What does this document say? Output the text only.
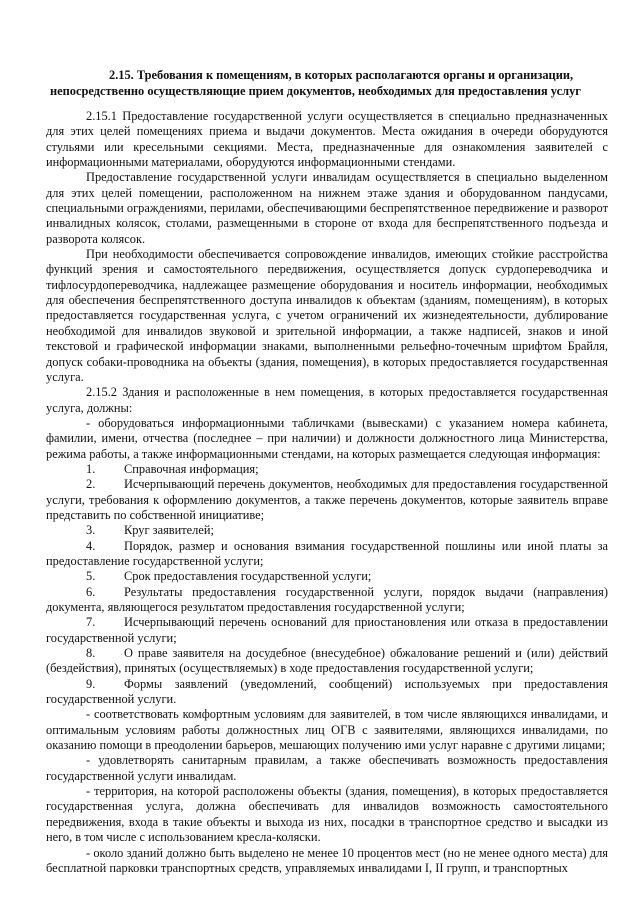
2.15. Требования к помещениям, в которых располагаются органы и организации,
непосредственно осуществляющие прием документов, необходимых для предоставления услуг

2.15.1 Предоставление государственной услуги осуществляется в специально предназначенных для этих целей помещениях приема и выдачи документов. Места ожидания в очереди оборудуются стульями или кресельными секциями. Места, предназначенные для ознакомления заявителей с информационными материалами, оборудуются информационными стендами.

Предоставление государственной услуги инвалидам осуществляется в специально выделенном для этих целей помещении, расположенном на нижнем этаже здания и оборудованном пандусами, специальными ограждениями, перилами, обеспечивающими беспрепятственное передвижение и разворот инвалидных колясок, столами, размещенными в стороне от входа для беспрепятственного подъезда и разворота колясок.

При необходимости обеспечивается сопровождение инвалидов, имеющих стойкие расстройства функций зрения и самостоятельного передвижения, осуществляется допуск сурдопереводчика и тифлосурдопереводчика, надлежащее размещение оборудования и носитель информации, необходимых для обеспечения беспрепятственного доступа инвалидов к объектам (зданиям, помещениям), в которых предоставляется государственная услуга, с учетом ограничений их жизнедеятельности, дублирование необходимой для инвалидов звуковой и зрительной информации, а также надписей, знаков и иной текстовой и графической информации знаками, выполненными рельефно-точечным шрифтом Брайля, допуск собаки-проводника на объекты (здания, помещения), в которых предоставляется государственная услуга.

2.15.2 Здания и расположенные в нем помещения, в которых предоставляется государственная услуга, должны:

- оборудоваться информационными табличками (вывесками) с указанием номера кабинета, фамилии, имени, отчества (последнее – при наличии) и должности должностного лица Министерства, режима работы, а также информационными стендами, на которых размещается следующая информация:

1.	Справочная информация;
2.	Исчерпывающий перечень документов, необходимых для предоставления государственной услуги, требования к оформлению документов, а также перечень документов, которые заявитель вправе представить по собственной инициативе;
3.	Круг заявителей;
4.	Порядок, размер и основания взимания государственной пошлины или иной платы за предоставление государственной услуги;
5.	Срок предоставления государственной услуги;
6.	Результаты предоставления государственной услуги, порядок выдачи (направления) документа, являющегося результатом предоставления государственной услуги;
7.	Исчерпывающий перечень оснований для приостановления или отказа в предоставлении государственной услуги;
8.	О праве заявителя на досудебное (внесудебное) обжалование решений и (или) действий (бездействия), принятых (осуществляемых) в ходе предоставления государственной услуги;
9.	Формы заявлений (уведомлений, сообщений) используемых при предоставления государственной услуги.

- соответствовать комфортным условиям для заявителей, в том числе являющихся инвалидами, и оптимальным условиям работы должностных лиц ОГВ с заявителями, являющихся инвалидами, по оказанию помощи в преодолении барьеров, мешающих получению ими услуг наравне с другими лицами;

- удовлетворять санитарным правилам, а также обеспечивать возможность предоставления государственной услуги инвалидам.

- территория, на которой расположены объекты (здания, помещения), в которых предоставляется государственная услуга, должна обеспечивать для инвалидов возможность самостоятельного передвижения, входа в такие объекты и выхода из них, посадки в транспортное средство и высадки из него, в том числе с использованием кресла-коляски.

- около зданий должно быть выделено не менее 10 процентов мест (но не менее одного места) для бесплатной парковки транспортных средств, управляемых инвалидами I, II групп, и транспортных
